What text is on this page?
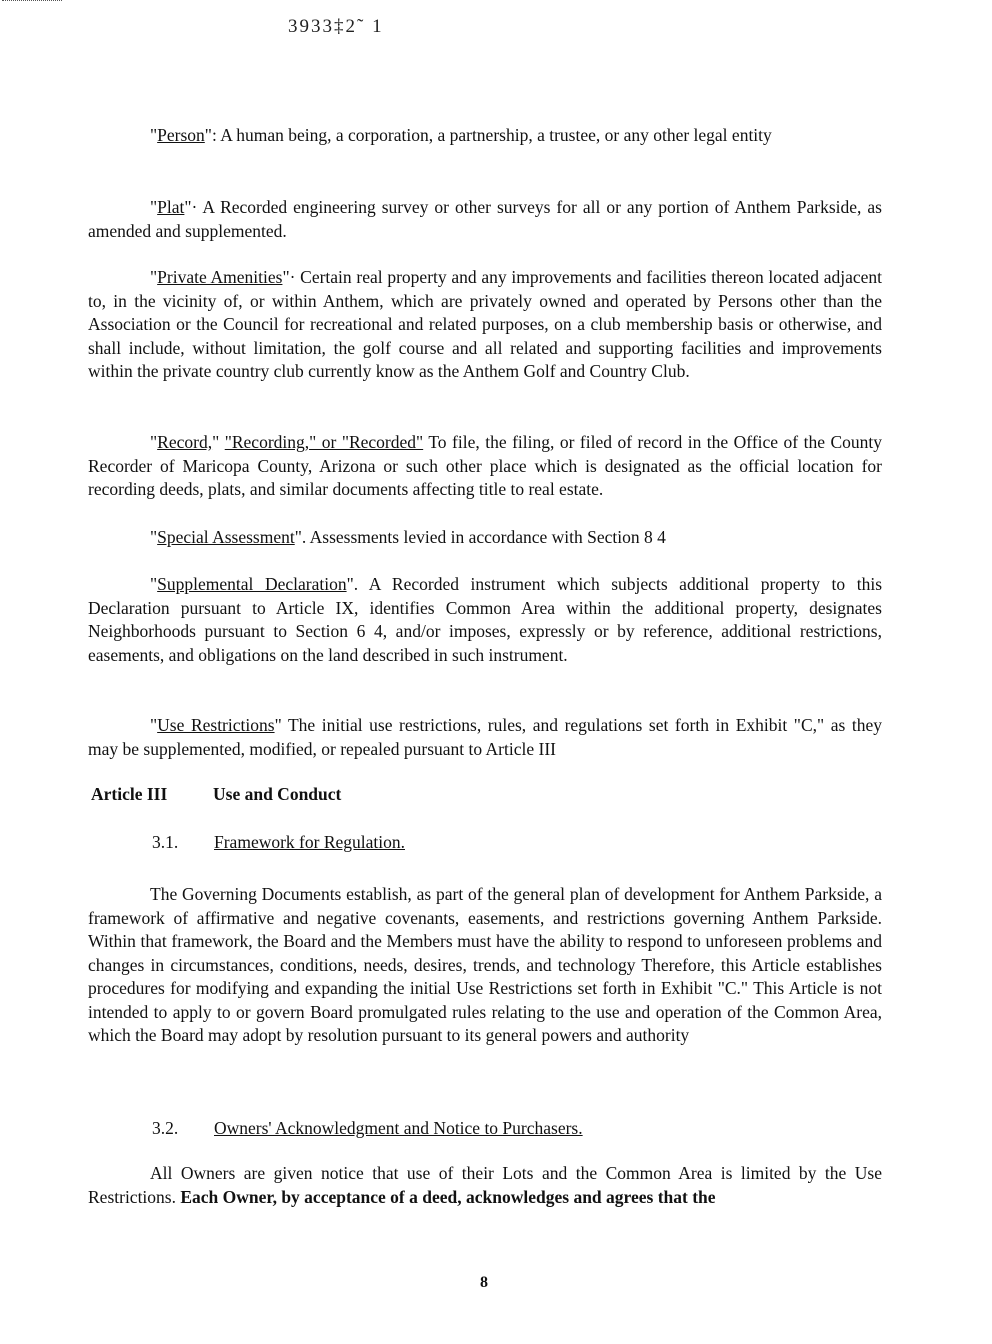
3933‡2˜ 1

"Person": A human being, a corporation, a partnership, a trustee, or any other legal entity

"Plat"· A Recorded engineering survey or other surveys for all or any portion of Anthem Parkside, as amended and supplemented.

"Private Amenities"· Certain real property and any improvements and facilities thereon located adjacent to, in the vicinity of, or within Anthem, which are privately owned and operated by Persons other than the Association or the Council for recreational and related purposes, on a club membership basis or otherwise, and shall include, without limitation, the golf course and all related and supporting facilities and improvements within the private country club currently know as the Anthem Golf and Country Club.

"Record," "Recording," or "Recorded" To file, the filing, or filed of record in the Office of the County Recorder of Maricopa County, Arizona or such other place which is designated as the official location for recording deeds, plats, and similar documents affecting title to real estate.

"Special Assessment". Assessments levied in accordance with Section 8 4

"Supplemental Declaration". A Recorded instrument which subjects additional property to this Declaration pursuant to Article IX, identifies Common Area within the additional property, designates Neighborhoods pursuant to Section 6 4, and/or imposes, expressly or by reference, additional restrictions, easements, and obligations on the land described in such instrument.

"Use Restrictions" The initial use restrictions, rules, and regulations set forth in Exhibit "C," as they may be supplemented, modified, or repealed pursuant to Article III

Article III	Use and Conduct
3.1. Framework for Regulation.

The Governing Documents establish, as part of the general plan of development for Anthem Parkside, a framework of affirmative and negative covenants, easements, and restrictions governing Anthem Parkside. Within that framework, the Board and the Members must have the ability to respond to unforeseen problems and changes in circumstances, conditions, needs, desires, trends, and technology Therefore, this Article establishes procedures for modifying and expanding the initial Use Restrictions set forth in Exhibit "C." This Article is not intended to apply to or govern Board promulgated rules relating to the use and operation of the Common Area, which the Board may adopt by resolution pursuant to its general powers and authority

3.2. Owners' Acknowledgment and Notice to Purchasers.

All Owners are given notice that use of their Lots and the Common Area is limited by the Use Restrictions. Each Owner, by acceptance of a deed, acknowledges and agrees that the

8
